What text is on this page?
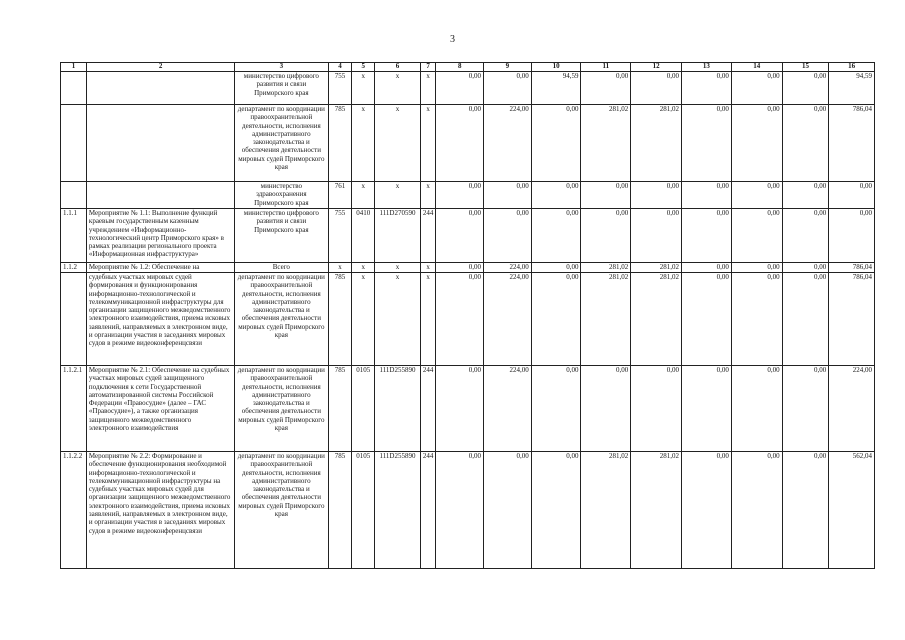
3
1	2	3	4	5	6	7	8	9	10	11	12	13	14	15	16
		министерство цифрового развития и связи Приморского края	755	x	x	x	0,00	0,00	94,59	0,00	0,00	0,00	0,00	0,00	94,59
		департамент по координации правоохранительной деятельности, исполнения административного законодательства и обеспечения деятельности мировых судей Приморского края	785	x	x	x	0,00	224,00	0,00	281,02	281,02	0,00	0,00	0,00	786,04
		министерство здравоохранения Приморского края	761	x	x	x	0,00	0,00	0,00	0,00	0,00	0,00	0,00	0,00	0,00
1.1.1	Мероприятие № 1.1: Выполнение функций краевым государственным казенным учреждением «Информационно-технологический центр Приморского края» в рамках реализации регионального проекта «Информационная инфраструктура»	министерство цифрового развития и связи Приморского края	755	0410	111D270590	244	0,00	0,00	0,00	0,00	0,00	0,00	0,00	0,00	0,00
1.1.2	Мероприятие № 1.2: Обеспечение на	Всего	x	x	x	x	0,00	224,00	0,00	281,02	281,02	0,00	0,00	0,00	786,04
	судебных участках мировых судей формирования и функционирования информационно-технологической и телекоммуникационной инфраструктуры для организации защищенного межведомственного электронного взаимодействия, приема исковых заявлений, направляемых в электронном виде, и организации участия в заседаниях мировых судов в режиме видеоконференцсвязи	департамент по координации правоохранительной деятельности, исполнения административного законодательства и обеспечения деятельности мировых судей Приморского края	785	x	x	x	0,00	224,00	0,00	281,02	281,02	0,00	0,00	0,00	786,04
1.1.2.1	Мероприятие № 2.1: Обеспечение на судебных участках мировых судей защищенного подключения к сети Государственной автоматизированной системы Российской Федерации «Правосудие» (далее – ГАС «Правосудие»), а также организация защищенного межведомственного электронного взаимодействия	департамент по координации правоохранительной деятельности, исполнения административного законодательства и обеспечения деятельности мировых судей Приморского края	785	0105	111D255890	244	0,00	224,00	0,00	0,00	0,00	0,00	0,00	0,00	224,00
1.1.2.2	Мероприятие № 2.2: Формирование и обеспечение функционирования необходимой информационно-технологической и телекоммуникационной инфраструктуры на судебных участках мировых судей для организации защищенного межведомственного электронного взаимодействия, приема исковых заявлений, направляемых в электронном виде, и организации участия в заседаниях мировых судов в режиме видеоконференцсвязи	департамент по координации правоохранительной деятельности, исполнения административного законодательства и обеспечения деятельности мировых судей Приморского края	785	0105	111D255890	244	0,00	0,00	0,00	281,02	281,02	0,00	0,00	0,00	562,04
